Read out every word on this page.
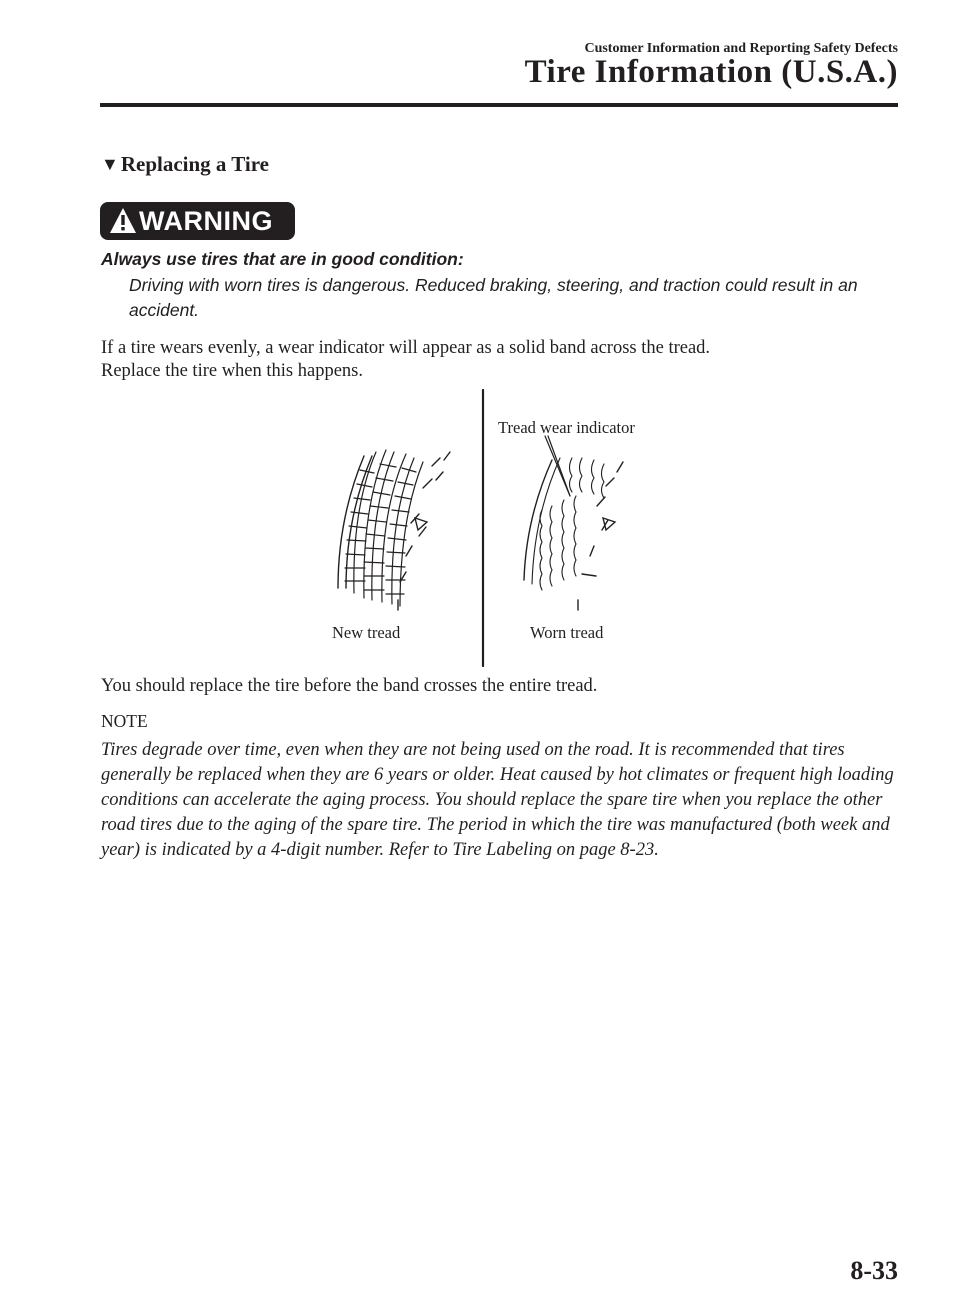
Customer Information and Reporting Safety Defects
Tire Information (U.S.A.)
▼Replacing a Tire
WARNING
Always use tires that are in good condition:
Driving with worn tires is dangerous. Reduced braking, steering, and traction could result in an accident.
If a tire wears evenly, a wear indicator will appear as a solid band across the tread.
Replace the tire when this happens.
Tread wear indicator
New tread	Worn tread
You should replace the tire before the band crosses the entire tread.
NOTE
Tires degrade over time, even when they are not being used on the road. It is recommended that tires generally be replaced when they are 6 years or older. Heat caused by hot climates or frequent high loading conditions can accelerate the aging process. You should replace the spare tire when you replace the other road tires due to the aging of the spare tire. The period in which the tire was manufactured (both week and year) is indicated by a 4-digit number. Refer to Tire Labeling on page 8-23.
8-33
